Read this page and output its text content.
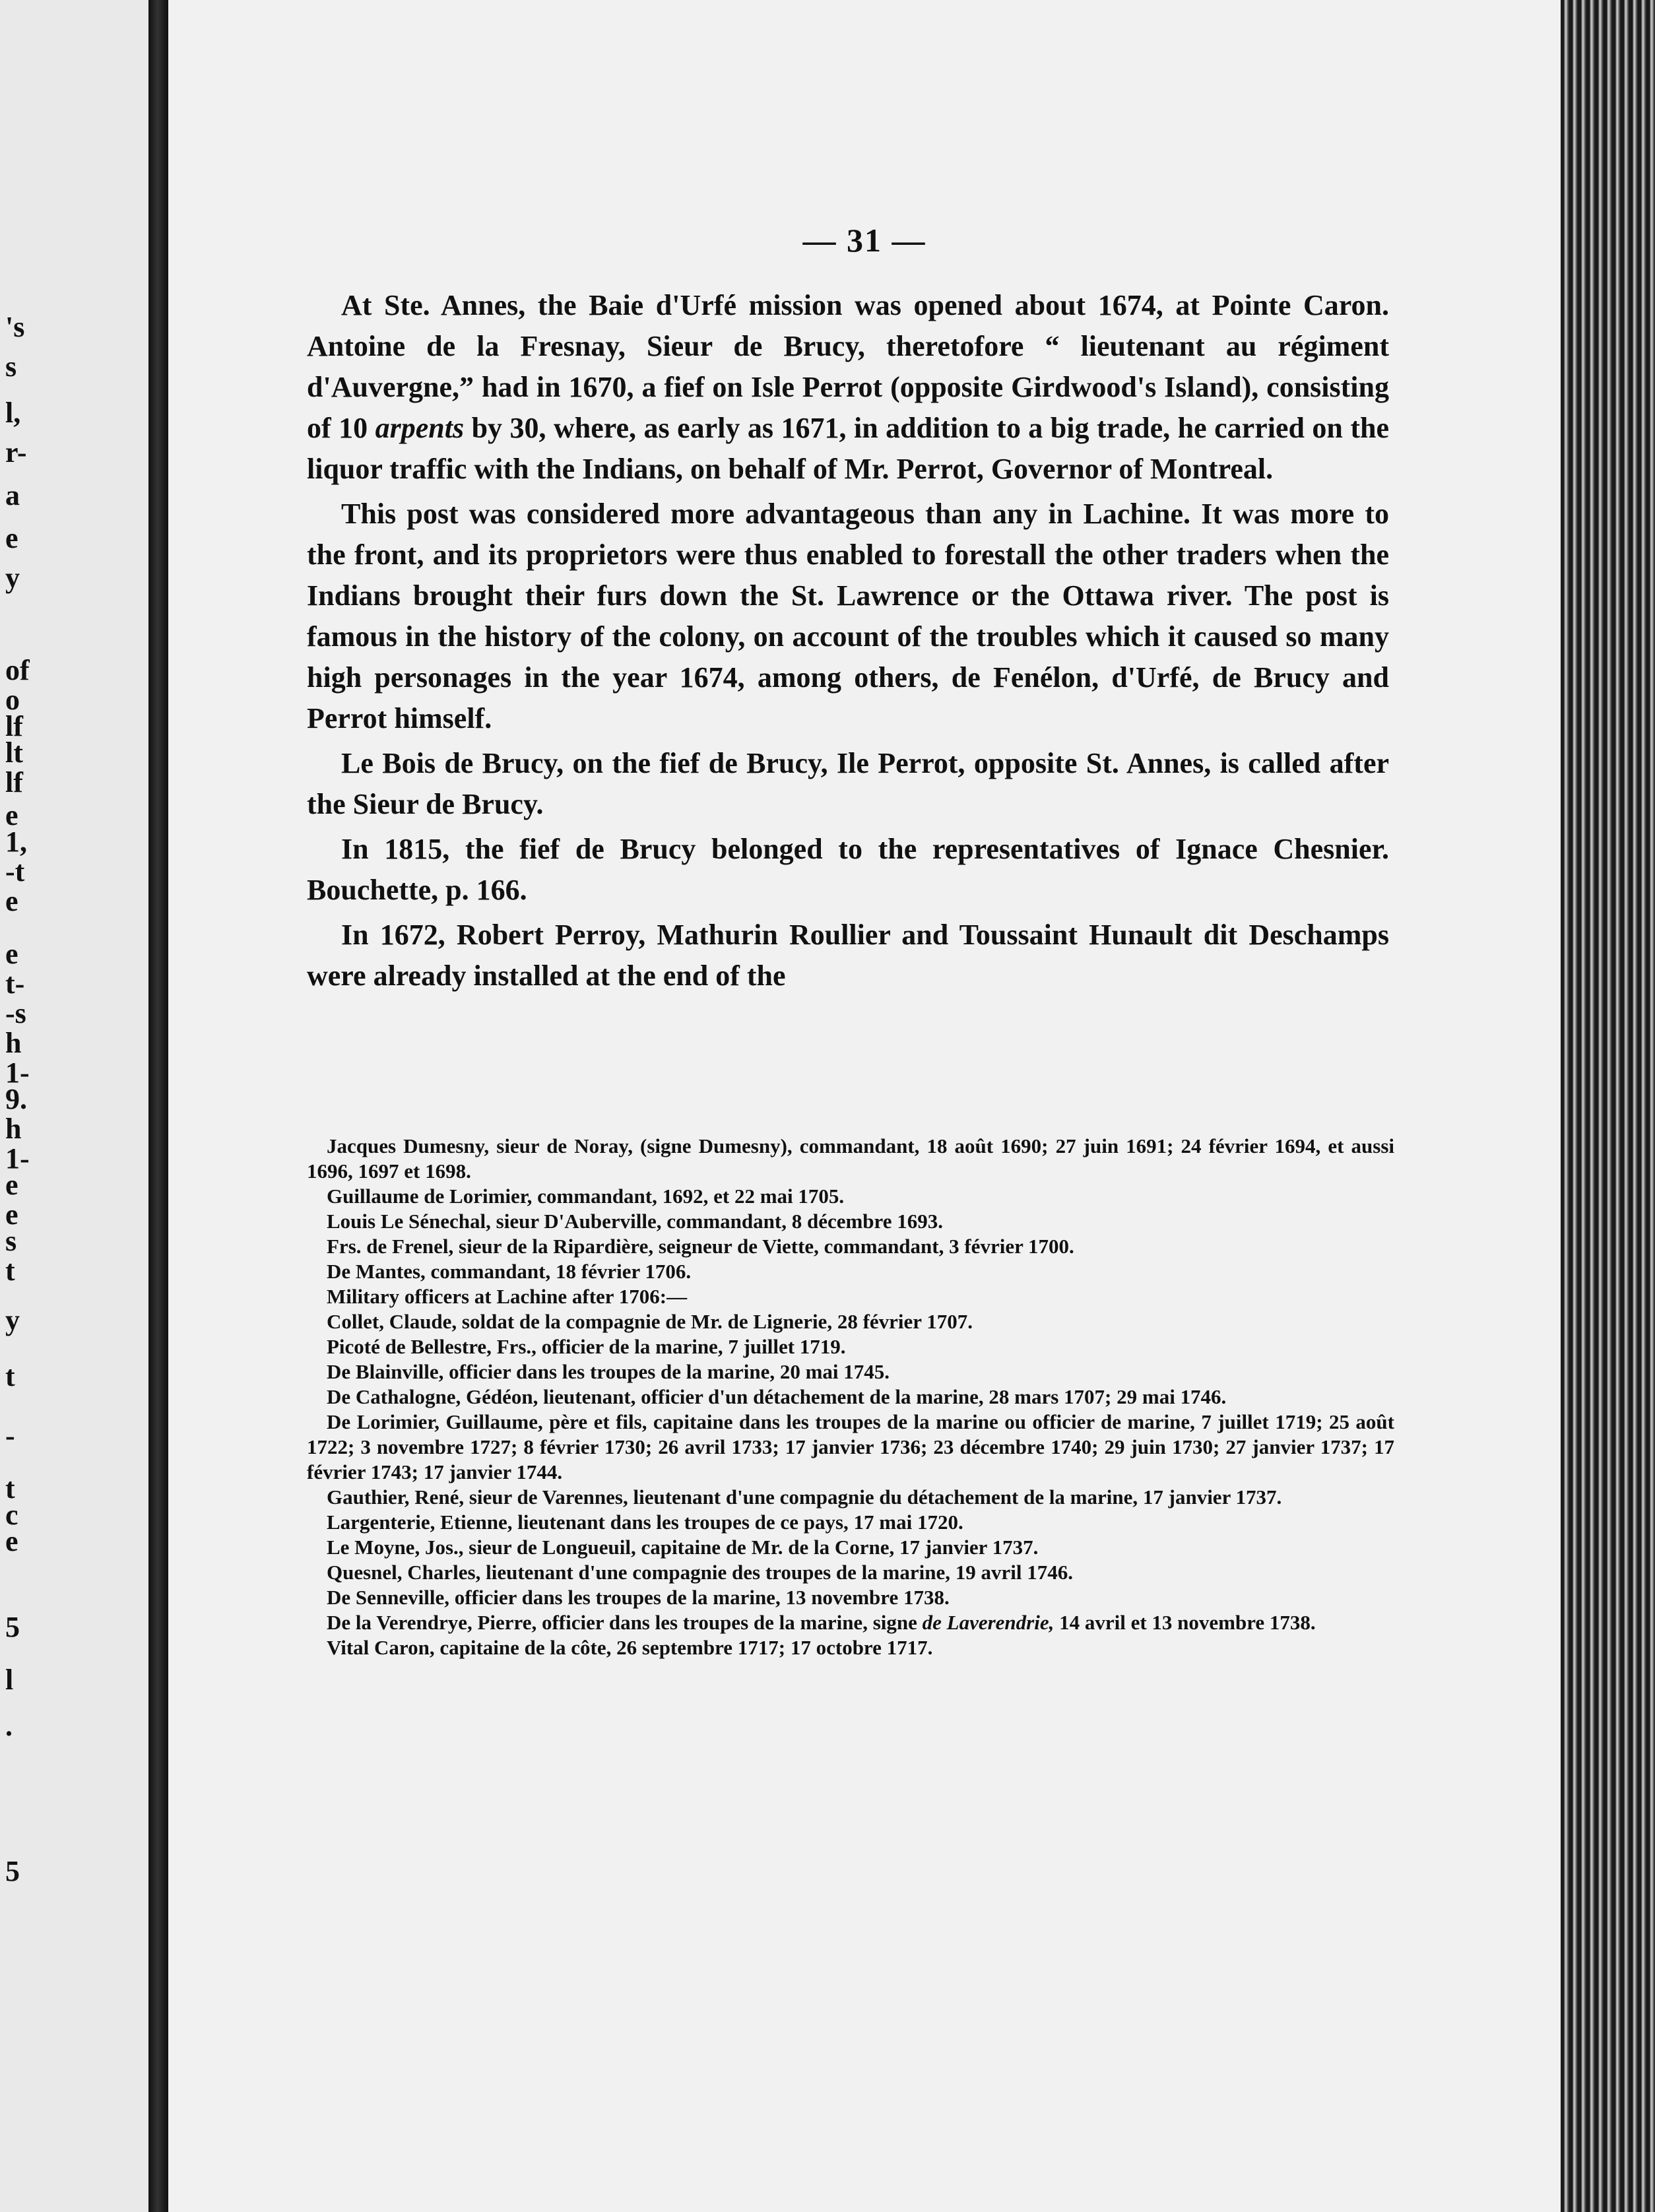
's
s
l,
r-
a
e
y
of
o
lf
lt
lf
e
1,
-t
e
e
t-
-s
h
1-
9.
h
1-
e
e
s
t
y
t
-
t
c
e
5
l
.
5
— 31 —

At Ste. Annes, the Baie d'Urfé mission was opened about 1674, at Pointe Caron. Antoine de la Fresnay, Sieur de Brucy, theretofore “ lieutenant au régiment d'Auvergne,” had in 1670, a fief on Isle Perrot (opposite Girdwood's Island), consisting of 10 arpents by 30, where, as early as 1671, in addition to a big trade, he carried on the liquor traffic with the Indians, on behalf of Mr. Perrot, Governor of Montreal.

This post was considered more advantageous than any in Lachine. It was more to the front, and its proprietors were thus enabled to forestall the other traders when the Indians brought their furs down the St. Lawrence or the Ottawa river. The post is famous in the history of the colony, on account of the troubles which it caused so many high personages in the year 1674, among others, de Fenélon, d'Urfé, de Brucy and Perrot himself.

Le Bois de Brucy, on the fief de Brucy, Ile Perrot, opposite St. Annes, is called after the Sieur de Brucy.

In 1815, the fief de Brucy belonged to the representatives of Ignace Chesnier. Bouchette, p. 166.

In 1672, Robert Perroy, Mathurin Roullier and Toussaint Hunault dit Deschamps were already installed at the end of the

Jacques Dumesny, sieur de Noray, (signe Dumesny), commandant, 18 août 1690; 27 juin 1691; 24 février 1694, et aussi 1696, 1697 et 1698.

Guillaume de Lorimier, commandant, 1692, et 22 mai 1705.

Louis Le Sénechal, sieur D'Auberville, commandant, 8 décembre 1693.

Frs. de Frenel, sieur de la Ripardière, seigneur de Viette, commandant, 3 février 1700.

De Mantes, commandant, 18 février 1706.

Military officers at Lachine after 1706:—

Collet, Claude, soldat de la compagnie de Mr. de Lignerie, 28 février 1707.

Picoté de Bellestre, Frs., officier de la marine, 7 juillet 1719.

De Blainville, officier dans les troupes de la marine, 20 mai 1745.

De Cathalogne, Gédéon, lieutenant, officier d'un détachement de la marine, 28 mars 1707; 29 mai 1746.

De Lorimier, Guillaume, père et fils, capitaine dans les troupes de la marine ou officier de marine, 7 juillet 1719; 25 août 1722; 3 novembre 1727; 8 février 1730; 26 avril 1733; 17 janvier 1736; 23 décembre 1740; 29 juin 1730; 27 janvier 1737; 17 février 1743; 17 janvier 1744.

Gauthier, René, sieur de Varennes, lieutenant d'une compagnie du détachement de la marine, 17 janvier 1737.

Largenterie, Etienne, lieutenant dans les troupes de ce pays, 17 mai 1720.

Le Moyne, Jos., sieur de Longueuil, capitaine de Mr. de la Corne, 17 janvier 1737.

Quesnel, Charles, lieutenant d'une compagnie des troupes de la marine, 19 avril 1746.

De Senneville, officier dans les troupes de la marine, 13 novembre 1738.

De la Verendrye, Pierre, officier dans les troupes de la marine, signe de Laverendrie, 14 avril et 13 novembre 1738.

Vital Caron, capitaine de la côte, 26 septembre 1717; 17 octobre 1717.
